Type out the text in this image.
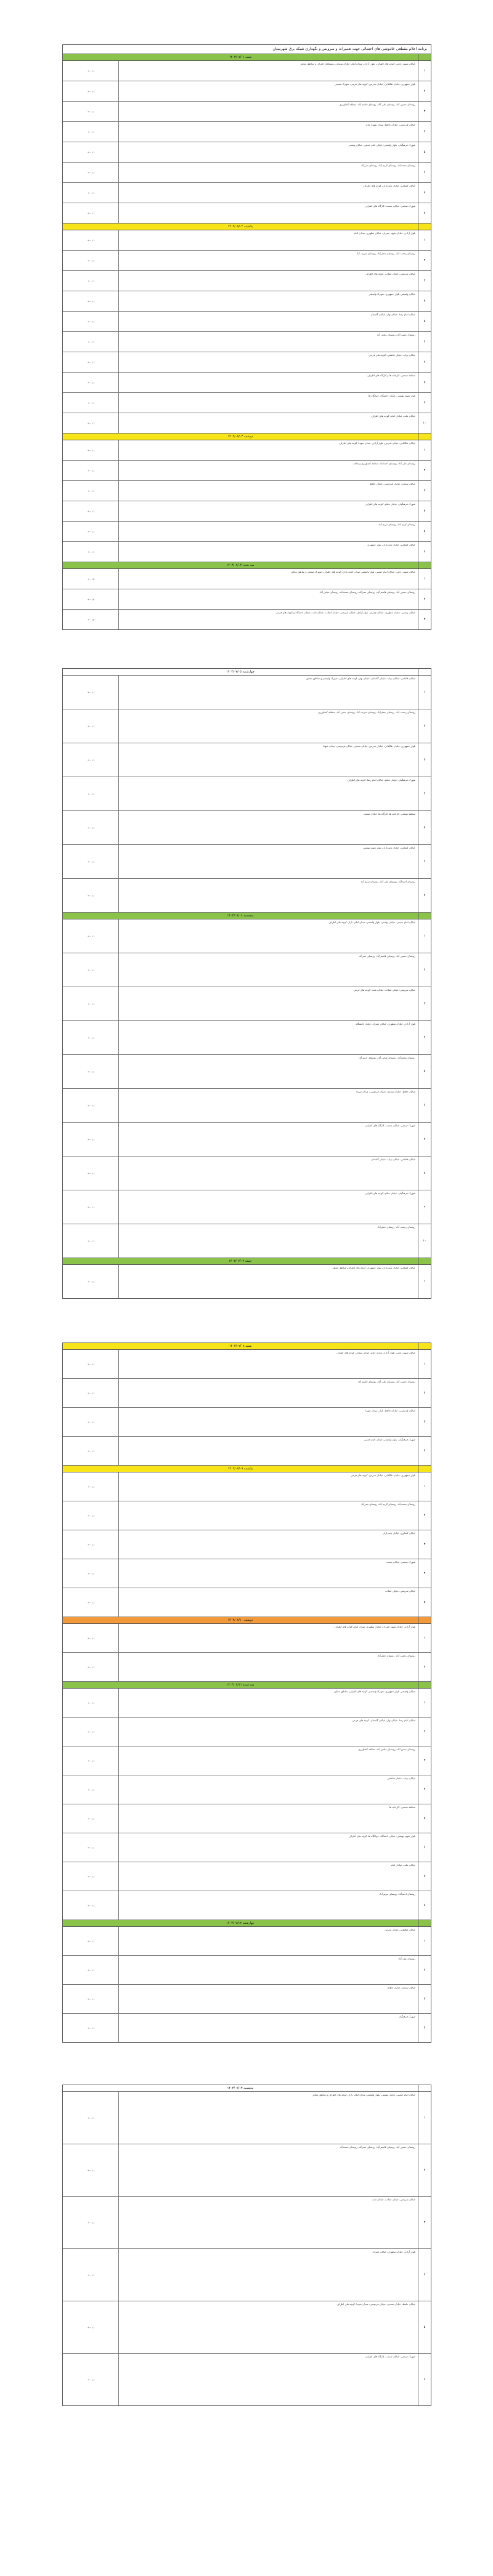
برنامه اعلام مقطعی خاموشی های احتمالی جهت تعمیرات و سرویس و نگهداری شبکه برق شهرستان
شنبه ۱۴۰۳/۰۷/۰۱
۱
خیابان شهید رجایی، کوچه های اطراف، بلوار آزادی، میدان امام، خیابان سعدی، روستاهای اطراف و مناطق مجاور
۰۹ - ۱۱
۲
بلوار جمهوری، خیابان طالقانی، خیابان مدرس، کوچه های فرعی، شهرک صنعتی
۰۹ - ۱۱
۳
روستای حسین آباد، روستای علی آباد، روستای قاسم آباد، منطقه کشاورزی
۰۹ - ۱۱
۴
خیابان فردوسی، خیابان حافظ، میدان شهدا، بازار
۰۹ - ۱۱
۵
شهرک فرهنگیان، بلوار ولیعصر، خیابان امام خمینی، خیابان بهشتی
۰۹ - ۱۱
۶
روستای محمدآباد، روستای کریم آباد، روستای نصرآباد
۰۹ - ۱۱
۷
خیابان کشاورز، خیابان پاسداران، کوچه های اطراف
۰۹ - ۱۱
۸
شهرک صنعتی، خیابان صنعت، کارگاه های اطراف
۰۹ - ۱۱
یکشنبه ۱۴۰۳/۰۷/۰۲
۱
بلوار آزادی، خیابان شهید چمران، خیابان مطهری، میدان امام
۰۹ - ۱۱
۲
روستای رحمت آباد، روستای جعفرآباد، روستای شریف آباد
۰۹ - ۱۱
۳
خیابان شریعتی، خیابان انقلاب، کوچه های اطراف
۰۹ - ۱۱
۴
خیابان ولیعصر، بلوار جمهوری، شهرک ولیعصر
۰۹ - ۱۱
۵
خیابان امام رضا، خیابان بهار، خیابان گلستان
۰۹ - ۱۱
۶
روستای حسن آباد، روستای عباس آباد
۰۹ - ۱۱
۷
خیابان نواب، خیابان فاطمی، کوچه های فرعی
۰۹ - ۱۱
۸
منطقه صنعتی، کارخانه ها و کارگاه های اطراف
۰۹ - ۱۱
۹
بلوار شهید بهشتی، خیابان دانشگاه، خوابگاه ها
۰۹ - ۱۱
۱۰
خیابان ملت، خیابان امام، کوچه های اطراف
۰۹ - ۱۱
دوشنبه ۱۴۰۳/۰۷/۰۳
۱
خیابان طالقانی، خیابان مدرس، بلوار آزادی، میدان شهدا، کوچه های اطراف
۰۹ - ۱۱
۲
روستای علی آباد، روستای احمدآباد، منطقه کشاورزی و باغات
۰۹ - ۱۱
۳
خیابان سعدی، خیابان فردوسی، خیابان حافظ
۰۹ - ۱۱
۴
شهرک فرهنگیان، خیابان معلم، کوچه های اطراف
۰۹ - ۱۱
۵
روستای کریم آباد، روستای مریم آباد
۰۹ - ۱۱
۶
خیابان کشاورز، خیابان پاسداران، بلوار جمهوری
۰۹ - ۱۱
سه شنبه ۱۴۰۳/۰۷/۰۴
۱
خیابان شهید رجایی، خیابان امام خمینی، بلوار ولیعصر، میدان امام، بازار، کوچه های اطراف، شهرک صنعتی و مناطق مجاور
۰۹ - ۱۳
۲
روستای حسین آباد، روستای قاسم آباد، روستای نصرآباد، روستای محمدآباد، روستای عباس آباد
۰۹ - ۱۳
۳
خیابان بهشتی، خیابان مطهری، خیابان چمران، بلوار آزادی، خیابان شریعتی، خیابان انقلاب، خیابان ملت، خیابان دانشگاه و کوچه های فرعی
۰۹ - ۱۳
چهارشنبه ۱۴۰۳/۰۷/۰۵
۱
خیابان فاطمی، خیابان نواب، خیابان گلستان، خیابان بهار، کوچه های اطراف، شهرک ولیعصر و مناطق مجاور
۰۹ - ۱۱
۲
روستای رحمت آباد، روستای جعفرآباد، روستای شریف آباد، روستای حسن آباد، منطقه کشاورزی
۰۹ - ۱۱
۳
بلوار جمهوری، خیابان طالقانی، خیابان مدرس، خیابان سعدی، خیابان فردوسی، میدان شهدا
۰۹ - ۱۱
۴
شهرک فرهنگیان، خیابان معلم، خیابان امام رضا، کوچه های اطراف
۰۹ - ۱۱
۵
منطقه صنعتی، کارخانه ها، کارگاه ها، خیابان صنعت
۰۹ - ۱۱
۶
خیابان کشاورز، خیابان پاسداران، بلوار شهید بهشتی
۰۹ - ۱۱
۷
روستای احمدآباد، روستای علی آباد، روستای مریم آباد
۰۹ - ۱۱
پنجشنبه ۱۴۰۳/۰۷/۰۶
۱
خیابان امام خمینی، خیابان بهشتی، بلوار ولیعصر، میدان امام، بازار، کوچه های اطراف
۰۹ - ۱۱
۲
روستای حسین آباد، روستای قاسم آباد، روستای نصرآباد
۰۹ - ۱۱
۳
خیابان شریعتی، خیابان انقلاب، خیابان ملت، کوچه های فرعی
۰۹ - ۱۱
۴
بلوار آزادی، خیابان مطهری، خیابان چمران، خیابان دانشگاه
۰۹ - ۱۱
۵
روستای محمدآباد، روستای عباس آباد، روستای کریم آباد
۰۹ - ۱۱
۶
خیابان حافظ، خیابان سعدی، خیابان فردوسی، میدان شهدا
۰۹ - ۱۱
۷
شهرک صنعتی، خیابان صنعت، کارگاه های اطراف
۰۹ - ۱۱
۸
خیابان فاطمی، خیابان نواب، خیابان گلستان
۰۹ - ۱۱
۹
شهرک فرهنگیان، خیابان معلم، کوچه های اطراف
۰۹ - ۱۱
۱۰
روستای رحمت آباد، روستای جعفرآباد
۰۹ - ۱۱
جمعه ۱۴۰۳/۰۷/۰۷
۱
خیابان کشاورز، خیابان پاسداران، بلوار جمهوری، کوچه های اطراف، مناطق مجاور
۰۹ - ۱۱
شنبه ۱۴۰۳/۰۷/۰۸
۱
خیابان شهید رجایی، بلوار آزادی، میدان امام، خیابان سعدی، کوچه های اطراف
۰۹ - ۱۱
۲
روستای حسین آباد، روستای علی آباد، روستای قاسم آباد
۰۹ - ۱۱
۳
خیابان فردوسی، خیابان حافظ، بازار، میدان شهدا
۰۹ - ۱۱
۴
شهرک فرهنگیان، بلوار ولیعصر، خیابان امام خمینی
۰۹ - ۱۱
یکشنبه ۱۴۰۳/۰۷/۰۹
۱
بلوار جمهوری، خیابان طالقانی، خیابان مدرس، کوچه های فرعی
۰۹ - ۱۱
۲
روستای محمدآباد، روستای کریم آباد، روستای نصرآباد
۰۹ - ۱۱
۳
خیابان کشاورز، خیابان پاسداران
۰۹ - ۱۱
۴
شهرک صنعتی، خیابان صنعت
۰۹ - ۱۱
۵
خیابان شریعتی، خیابان انقلاب
۰۹ - ۱۱
دوشنبه ۱۴۰۳/۰۷/۱۰
۱
بلوار آزادی، خیابان شهید چمران، خیابان مطهری، میدان امام، کوچه های اطراف
۰۹ - ۱۱
۲
روستای رحمت آباد، روستای جعفرآباد
۰۹ - ۱۱
سه شنبه ۱۴۰۳/۰۷/۱۱
۱
خیابان ولیعصر، بلوار جمهوری، شهرک ولیعصر، کوچه های اطراف، مناطق مجاور
۰۹ - ۱۱
۲
خیابان امام رضا، خیابان بهار، خیابان گلستان، کوچه های فرعی
۰۹ - ۱۱
۳
روستای حسن آباد، روستای عباس آباد، منطقه کشاورزی
۰۹ - ۱۱
۴
خیابان نواب، خیابان فاطمی
۰۹ - ۱۱
۵
منطقه صنعتی، کارخانه ها
۰۹ - ۱۱
۶
بلوار شهید بهشتی، خیابان دانشگاه، خوابگاه ها، کوچه های اطراف
۰۹ - ۱۱
۷
خیابان ملت، خیابان امام
۰۹ - ۱۱
۸
روستای احمدآباد، روستای مریم آباد
۰۹ - ۱۱
چهارشنبه ۱۴۰۳/۰۷/۱۲
۱
خیابان طالقانی، خیابان مدرس
۰۹ - ۱۱
۲
روستای علی آباد
۰۹ - ۱۱
۳
خیابان سعدی، خیابان حافظ
۰۹ - ۱۱
۴
شهرک فرهنگیان
۰۹ - ۱۱
پنجشنبه ۱۴۰۳/۰۷/۱۳
۱
خیابان امام خمینی، خیابان بهشتی، بلوار ولیعصر، میدان امام، بازار، کوچه های اطراف و مناطق مجاور
۰۹ - ۱۱
۲
روستای حسین آباد، روستای قاسم آباد، روستای نصرآباد، روستای محمدآباد
۰۹ - ۱۱
۳
خیابان شریعتی، خیابان انقلاب، خیابان ملت
۰۹ - ۱۱
۴
بلوار آزادی، خیابان مطهری، خیابان چمران
۰۹ - ۱۱
۵
خیابان حافظ، خیابان سعدی، خیابان فردوسی، میدان شهدا، کوچه های اطراف
۰۹ - ۱۱
۶
شهرک صنعتی، خیابان صنعت، کارگاه های اطراف
۰۹ - ۱۱
